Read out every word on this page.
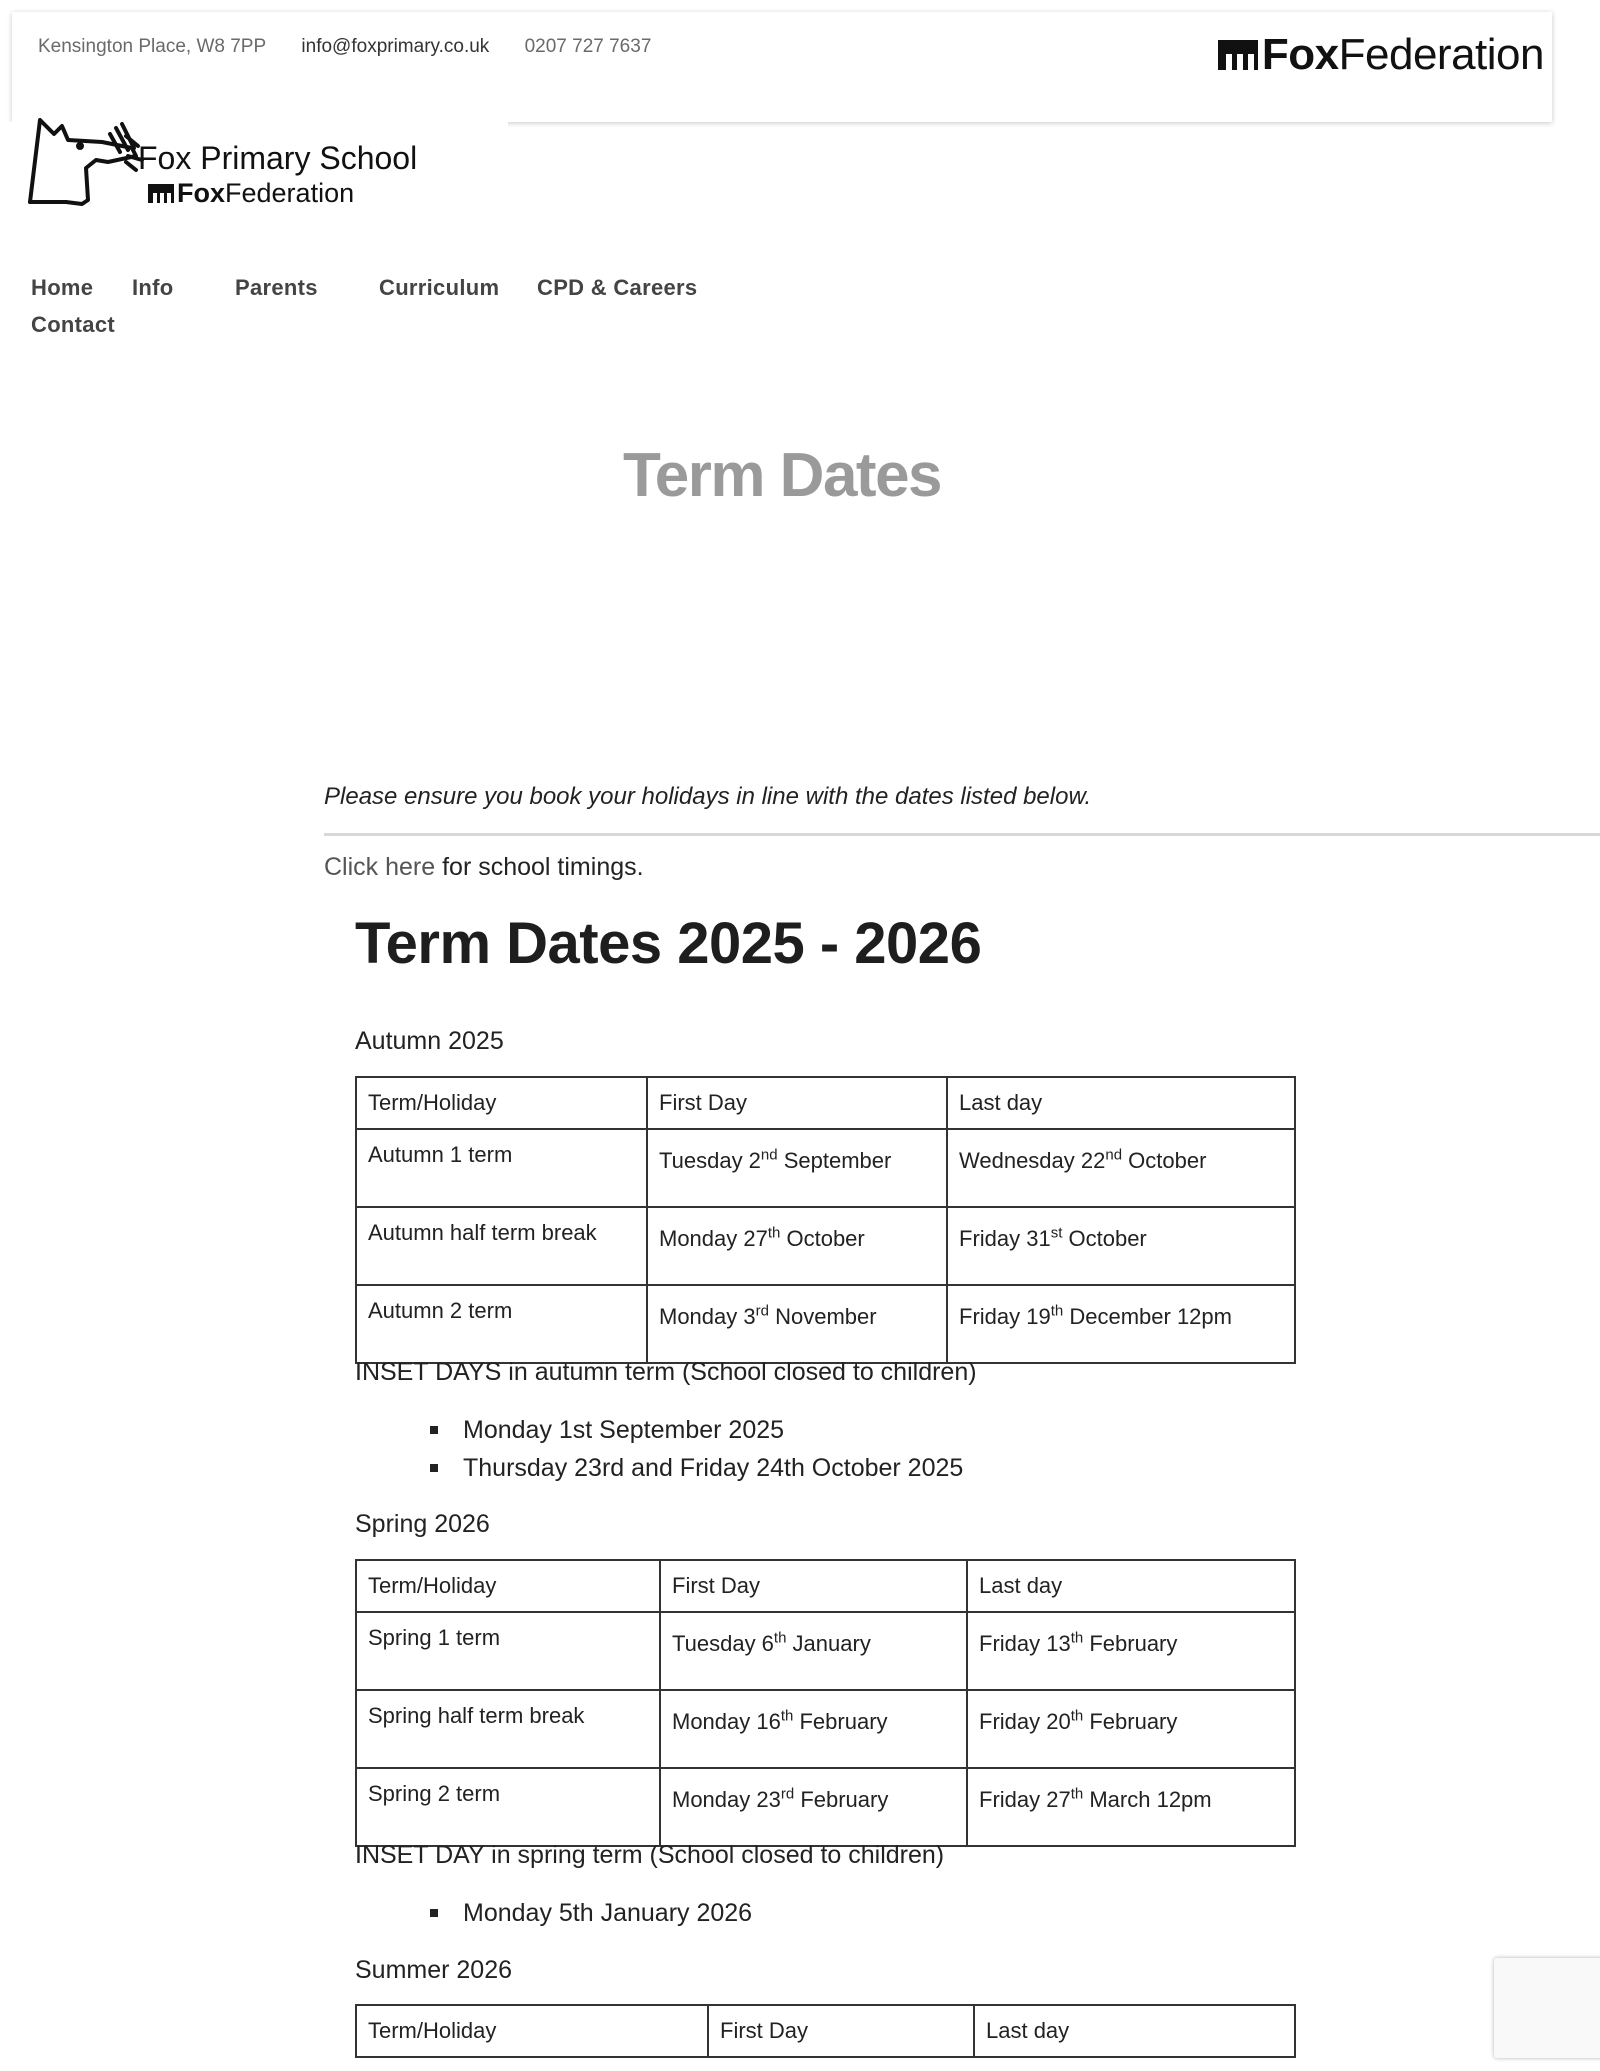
Kensington Place, W8 7PP info@foxprimary.co.uk 0207 727 7637	Fox Federation
Fox Primary School
Fox Federation
Home Info	Parents	Curriculum CPD & Careers
Contact
Term Dates
Please ensure you book your holidays in line with the dates listed below.
Click here for school timings.
Term Dates 2025 - 2026
Autumn 2025
Term/Holiday	First Day	Last day
Autumn 1 term	Tuesday 2nd September	Wednesday 22nd October
Autumn half term break	Monday 27th October	Friday 31st October
Autumn 2 term	Monday 3rd November	Friday 19th December 12pm
INSET DAYS in autumn term (School closed to children)
Monday 1st September 2025
Thursday 23rd and Friday 24th October 2025
Spring 2026
Term/Holiday	First Day	Last day
Spring 1 term	Tuesday 6th January	Friday 13th February
Spring half term break	Monday 16th February	Friday 20th February
Spring 2 term	Monday 23rd February	Friday 27th March 12pm
INSET DAY in spring term (School closed to children)
Monday 5th January 2026
Summer 2026
Term/Holiday	First Day	Last day
